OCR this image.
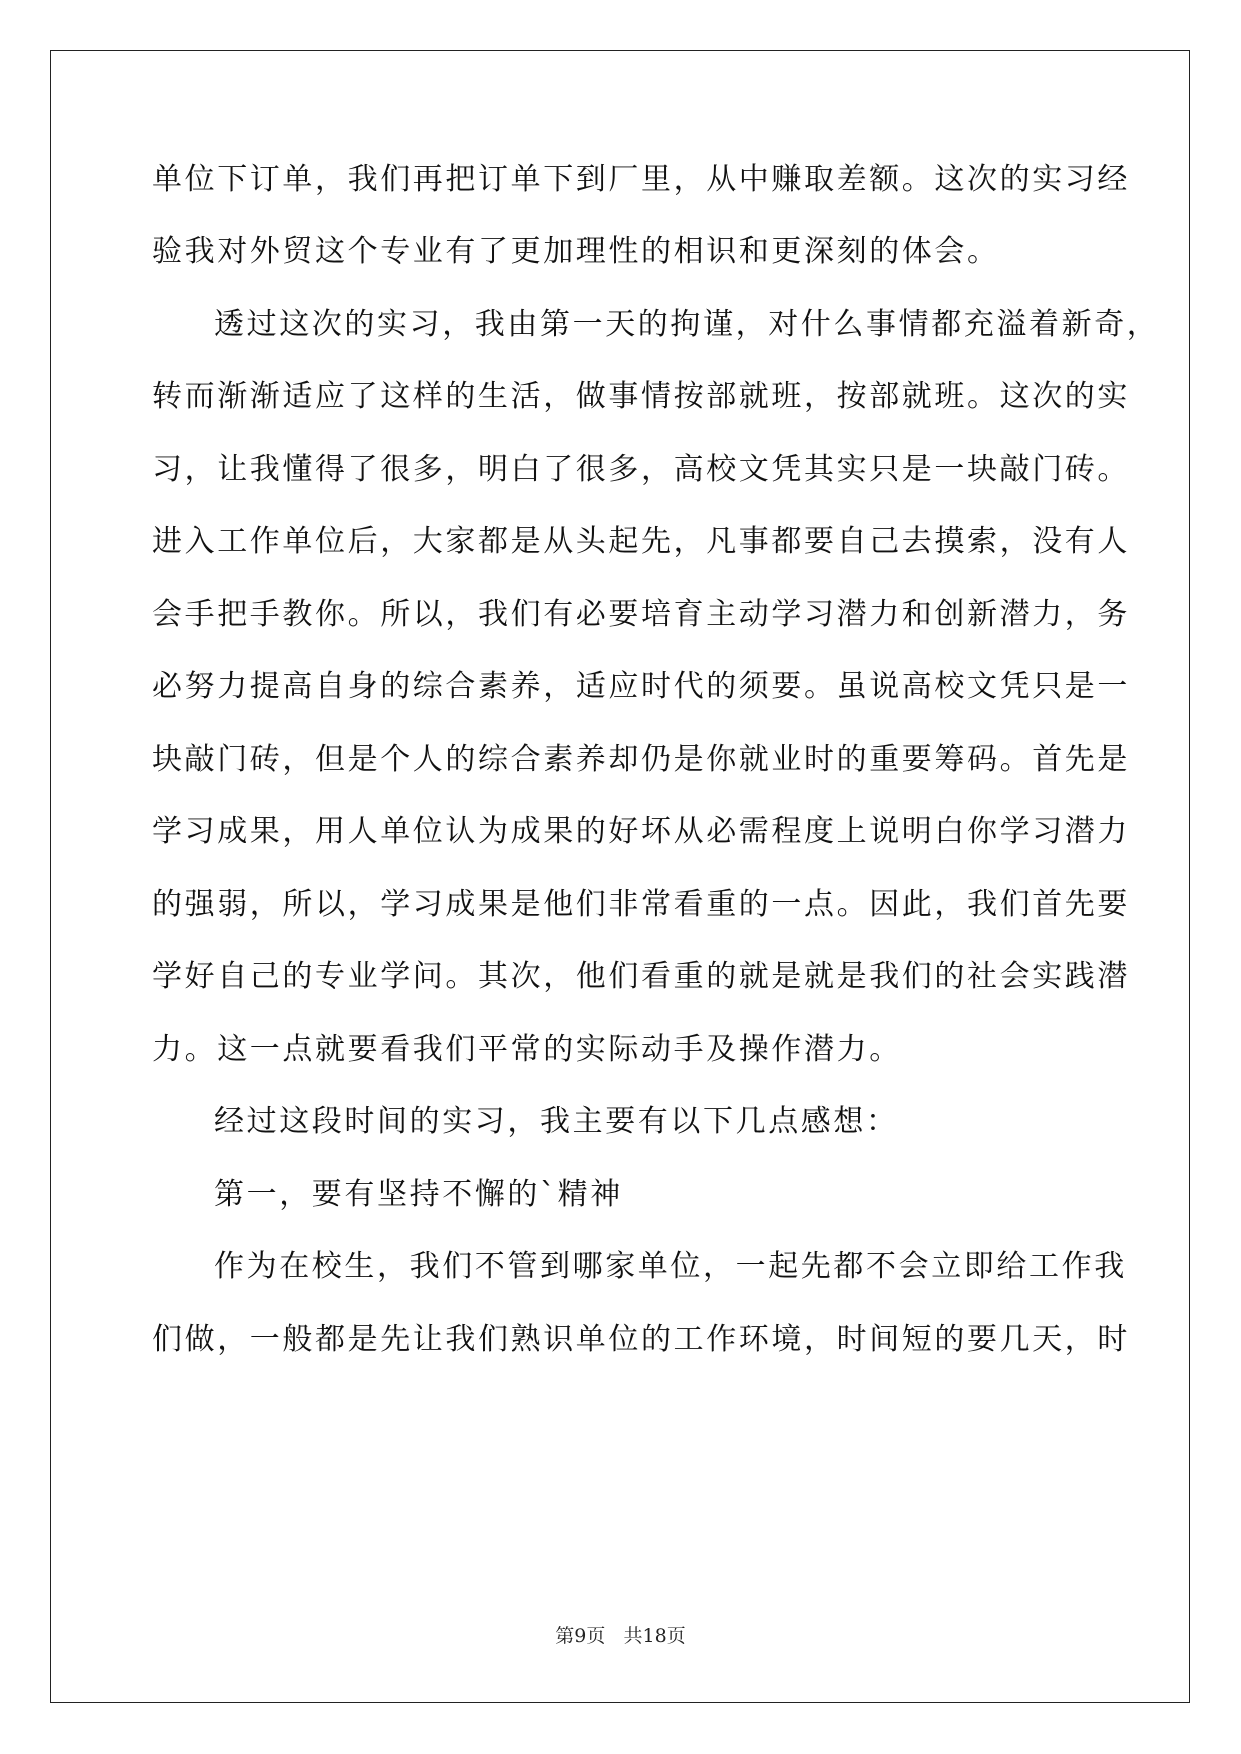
单位下订单，我们再把订单下到厂里，从中赚取差额。这次的实习经
验我对外贸这个专业有了更加理性的相识和更深刻的体会。
透过这次的实习，我由第一天的拘谨，对什么事情都充溢着新奇，
转而渐渐适应了这样的生活，做事情按部就班，按部就班。这次的实
习，让我懂得了很多，明白了很多，高校文凭其实只是一块敲门砖。
进入工作单位后，大家都是从头起先，凡事都要自己去摸索，没有人
会手把手教你。所以，我们有必要培育主动学习潜力和创新潜力，务
必努力提高自身的综合素养，适应时代的须要。虽说高校文凭只是一
块敲门砖，但是个人的综合素养却仍是你就业时的重要筹码。首先是
学习成果，用人单位认为成果的好坏从必需程度上说明白你学习潜力
的强弱，所以，学习成果是他们非常看重的一点。因此，我们首先要
学好自己的专业学问。其次，他们看重的就是就是我们的社会实践潜
力。这一点就要看我们平常的实际动手及操作潜力。
经过这段时间的实习，我主要有以下几点感想：
第一，要有坚持不懈的`精神
作为在校生，我们不管到哪家单位，一起先都不会立即给工作我
们做，一般都是先让我们熟识单位的工作环境，时间短的要几天，时
第9页 共18页
